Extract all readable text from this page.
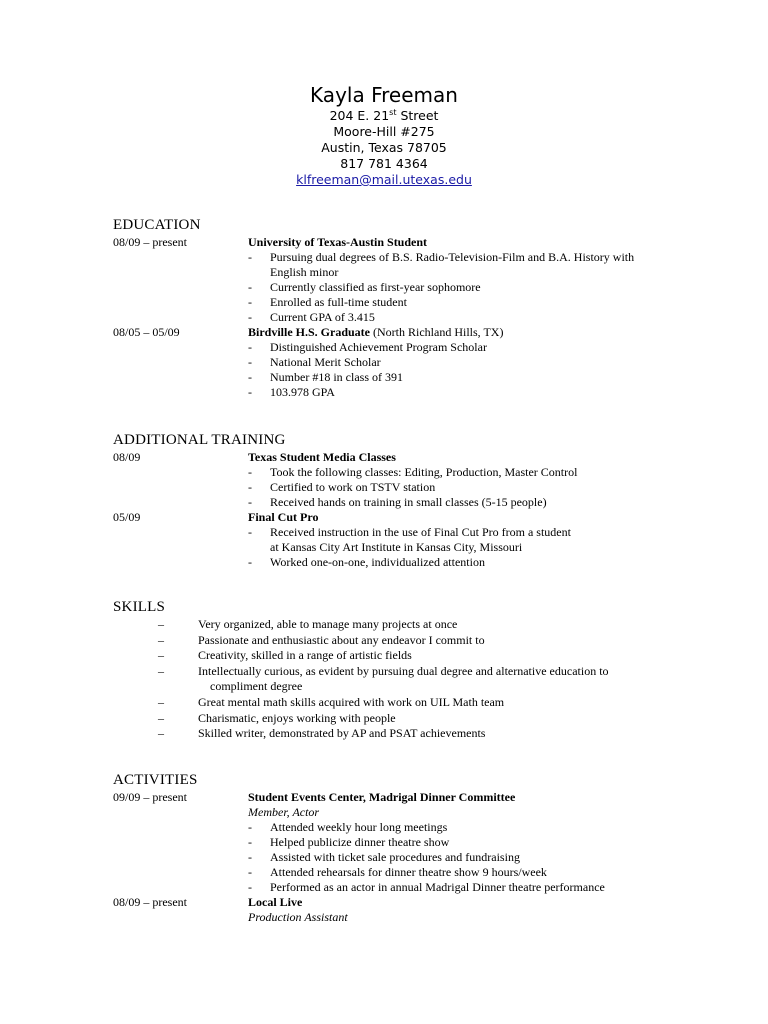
Kayla Freeman
204 E. 21st Street
Moore-Hill #275
Austin, Texas 78705
817 781 4364
klfreeman@mail.utexas.edu
EDUCATION
08/09 – present	University of Texas-Austin Student
- Pursuing dual degrees of B.S. Radio-Television-Film and B.A. History with
English minor
- Currently classified as first-year sophomore
- Enrolled as full-time student
- Current GPA of 3.415
08/05 – 05/09	Birdville H.S. Graduate (North Richland Hills, TX)
- Distinguished Achievement Program Scholar
- National Merit Scholar
- Number #18 in class of 391
- 103.978 GPA
ADDITIONAL TRAINING
08/09	Texas Student Media Classes
- Took the following classes: Editing, Production, Master Control
- Certified to work on TSTV station
- Received hands on training in small classes (5-15 people)
05/09	Final Cut Pro
- Received instruction in the use of Final Cut Pro from a student
at Kansas City Art Institute in Kansas City, Missouri
- Worked one-on-one, individualized attention
SKILLS
–	Very organized, able to manage many projects at once
–	Passionate and enthusiastic about any endeavor I commit to
–	Creativity, skilled in a range of artistic fields
–	Intellectually curious, as evident by pursuing dual degree and alternative education to
compliment degree
–	Great mental math skills acquired with work on UIL Math team
–	Charismatic, enjoys working with people
–	Skilled writer, demonstrated by AP and PSAT achievements
ACTIVITIES
09/09 – present	Student Events Center, Madrigal Dinner Committee
Member, Actor
- Attended weekly hour long meetings
- Helped publicize dinner theatre show
- Assisted with ticket sale procedures and fundraising
- Attended rehearsals for dinner theatre show 9 hours/week
- Performed as an actor in annual Madrigal Dinner theatre performance
08/09 – present	Local Live
Production Assistant
